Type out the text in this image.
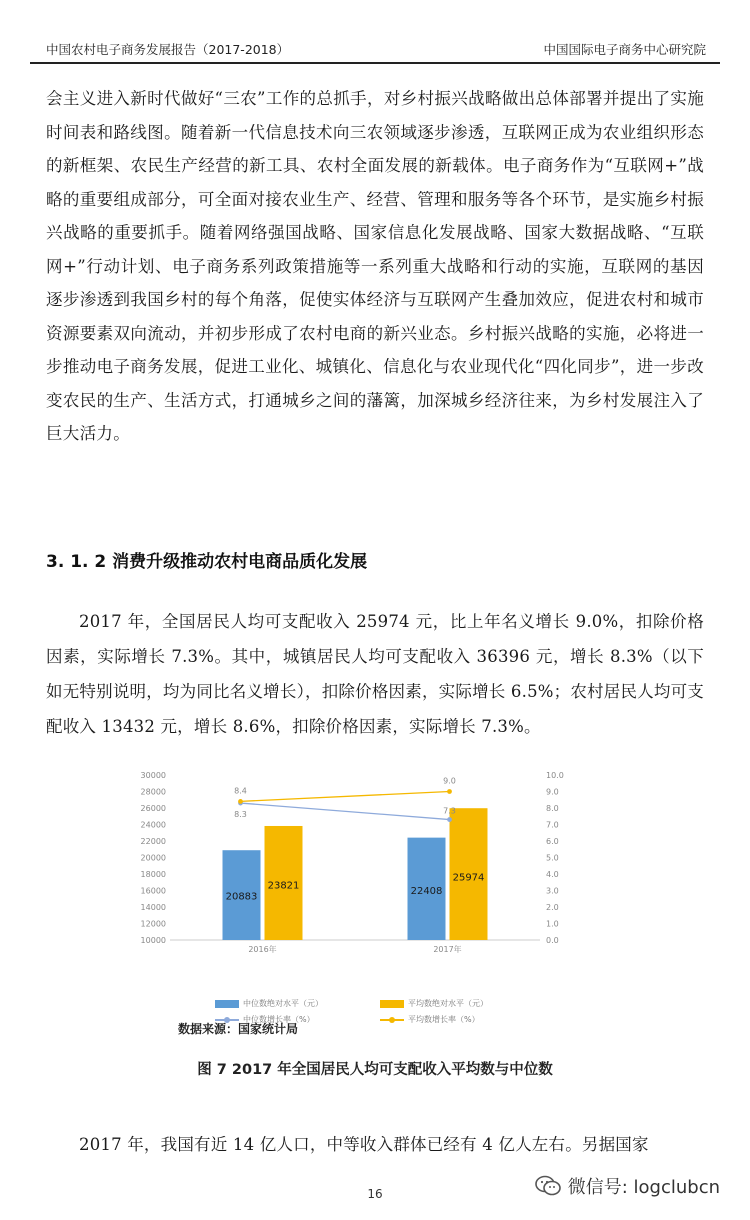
中国农村电子商务发展报告（2017-2018）	中国国际电子商务中心研究院
会主义进入新时代做好“三农”工作的总抓手，对乡村振兴战略做出总体部署并提出了实施时间表和路线图。随着新一代信息技术向三农领域逐步渗透，互联网正成为农业组织形态的新框架、农民生产经营的新工具、农村全面发展的新载体。电子商务作为“互联网+”战略的重要组成部分，可全面对接农业生产、经营、管理和服务等各个环节，是实施乡村振兴战略的重要抓手。随着网络强国战略、国家信息化发展战略、国家大数据战略、“互联网+”行动计划、电子商务系列政策措施等一系列重大战略和行动的实施，互联网的基因逐步渗透到我国乡村的每个角落，促使实体经济与互联网产生叠加效应，促进农村和城市资源要素双向流动，并初步形成了农村电商的新兴业态。乡村振兴战略的实施，必将进一步推动电子商务发展，促进工业化、城镇化、信息化与农业现代化“四化同步”，进一步改变农民的生产、生活方式，打通城乡之间的藩篱，加深城乡经济往来，为乡村发展注入了巨大活力。
3. 1. 2 消费升级推动农村电商品质化发展
2017 年，全国居民人均可支配收入 25974 元，比上年名义增长 9.0%，扣除价格因素，实际增长 7.3%。其中，城镇居民人均可支配收入 36396 元，增长 8.3%（以下如无特别说明，均为同比名义增长），扣除价格因素，实际增长 6.5%；农村居民人均可支配收入 13432 元，增长 8.6%，扣除价格因素，实际增长 7.3%。
10000
12000
14000
16000
18000
20000
22000
24000
26000
28000
30000
0.0
1.0
2.0
3.0
4.0
5.0
6.0
7.0
8.0
9.0
10.0
2016年
20883
23821
2017年
22408
25974
8.4
8.3
9.0
7.3
中位数绝对水平（元）	平均数绝对水平（元）
中位数增长率（%）	平均数增长率（%）
数据来源：国家统计局
图 7 2017 年全国居民人均可支配收入平均数与中位数
2017 年，我国有近 14 亿人口，中等收入群体已经有 4 亿人左右。另据国家
16	微信号: logclubcn
